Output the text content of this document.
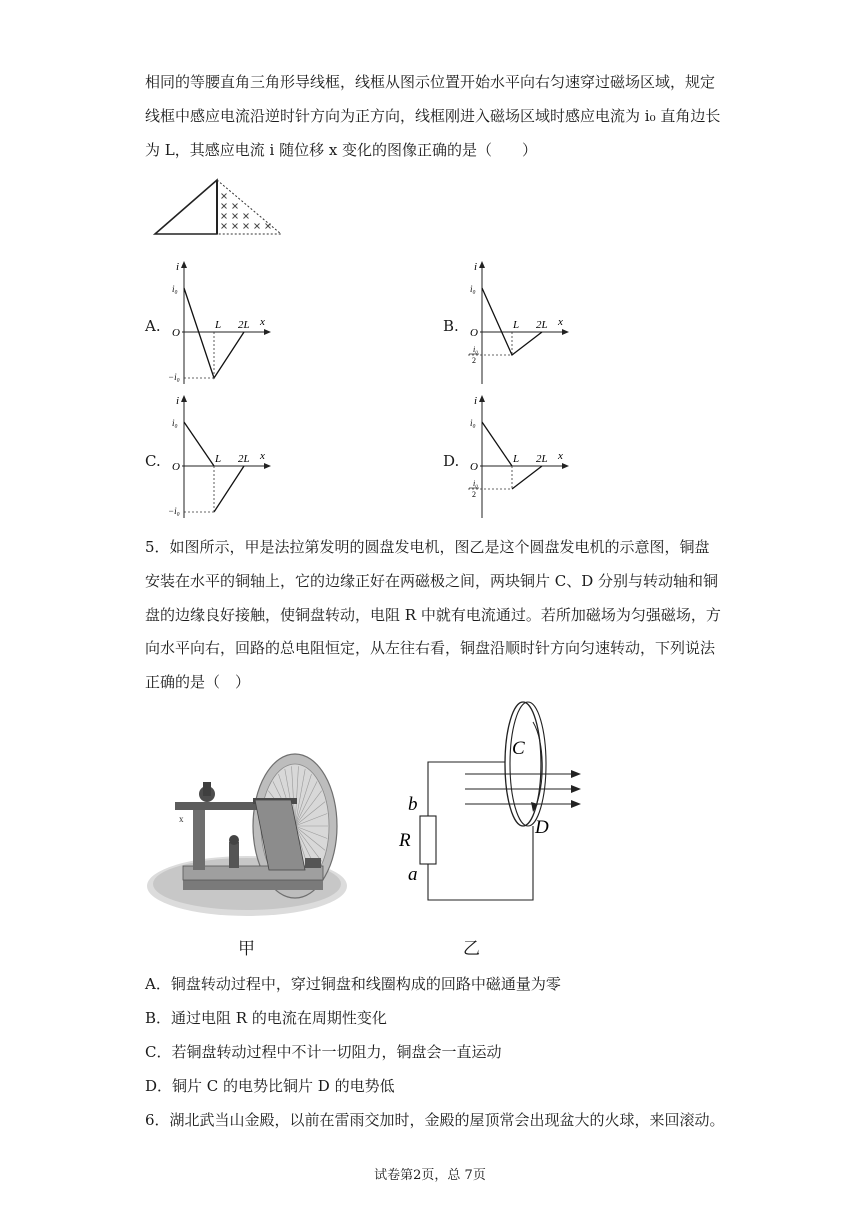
相同的等腰直角三角形导线框，线框从图示位置开始水平向右匀速穿过磁场区域，规定
线框中感应电流沿逆时针方向为正方向，线框刚进入磁场区域时感应电流为 i₀ 直角边长
为 L，其感应电流 i 随位移 x 变化的图像正确的是（　　）
A.	B.
C.	D.
i
x
i₀
O
L 2L
−i₀
i
x
i₀
O
L 2L
i₀
2
i
x
i₀
O
L 2L
−i₀
i
x
i₀
O
L 2L
i₀
2
5．如图所示，甲是法拉第发明的圆盘发电机，图乙是这个圆盘发电机的示意图，铜盘
安装在水平的铜轴上，它的边缘正好在两磁极之间，两块铜片 C、D 分别与转动轴和铜
盘的边缘良好接触，使铜盘转动，电阻 R 中就有电流通过。若所加磁场为匀强磁场，方
向水平向右，回路的总电阻恒定，从左往右看，铜盘沿顺时针方向匀速转动，下列说法
正确的是（　）
x
C
D
b
R
a
甲	乙
A．铜盘转动过程中，穿过铜盘和线圈构成的回路中磁通量为零
B．通过电阻 R 的电流在周期性变化
C．若铜盘转动过程中不计一切阻力，铜盘会一直运动
D．铜片 C 的电势比铜片 D 的电势低
6．湖北武当山金殿，以前在雷雨交加时，金殿的屋顶常会出现盆大的火球，来回滚动。
试卷第2页，总 7页
